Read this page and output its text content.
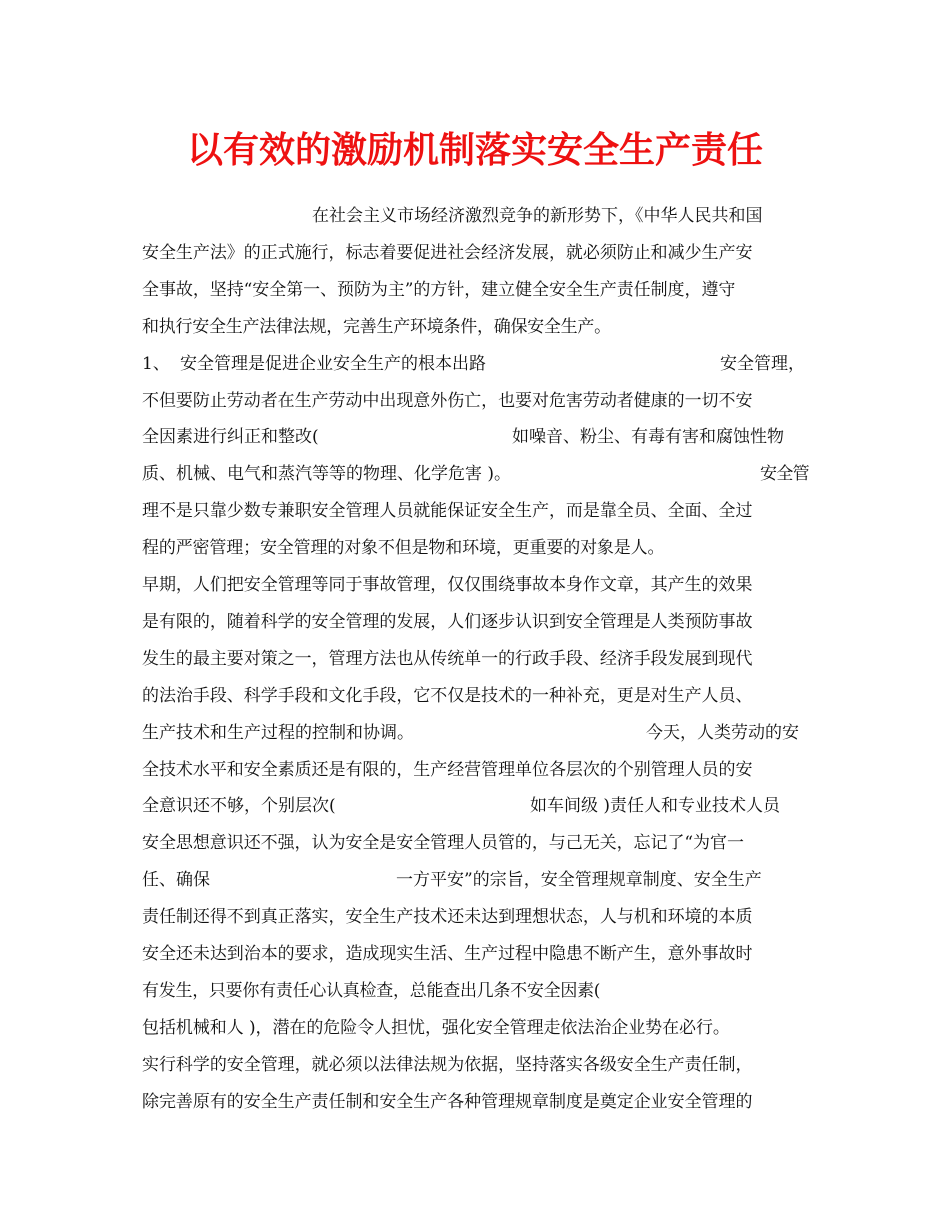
以有效的激励机制落实安全生产责任
在社会主义市场经济激烈竞争的新形势下，《中华人民共和国
安全生产法》的正式施行，标志着要促进社会经济发展，就必须防止和减少生产安
全事故，坚持“安全第一、预防为主”的方针，建立健全安全生产责任制度，遵守
和执行安全生产法律法规，完善生产环境条件，确保安全生产。
1、 安全管理是促进企业安全生产的根本出路	安全管理，
不但要防止劳动者在生产劳动中出现意外伤亡，也要对危害劳动者健康的一切不安
全因素进行纠正和整改(	如噪音、粉尘、有毒有害和腐蚀性物
质、机械、电气和蒸汽等等的物理、化学危害 )。	安全管
理不是只靠少数专兼职安全管理人员就能保证安全生产，而是靠全员、全面、全过
程的严密管理；安全管理的对象不但是物和环境，更重要的对象是人。
早期，人们把安全管理等同于事故管理，仅仅围绕事故本身作文章，其产生的效果
是有限的，随着科学的安全管理的发展，人们逐步认识到安全管理是人类预防事故
发生的最主要对策之一，管理方法也从传统单一的行政手段、经济手段发展到现代
的法治手段、科学手段和文化手段，它不仅是技术的一种补充，更是对生产人员、
生产技术和生产过程的控制和协调。	今天，人类劳动的安
全技术水平和安全素质还是有限的，生产经营管理单位各层次的个别管理人员的安
全意识还不够，个别层次(	如车间级 )责任人和专业技术人员
安全思想意识还不强，认为安全是安全管理人员管的，与己无关，忘记了“为官一
任、确保	一方平安”的宗旨，安全管理规章制度、安全生产
责任制还得不到真正落实，安全生产技术还未达到理想状态，人与机和环境的本质
安全还未达到治本的要求，造成现实生活、生产过程中隐患不断产生，意外事故时
有发生，只要你有责任心认真检查，总能查出几条不安全因素(
包括机械和人 )，潜在的危险令人担忧，强化安全管理走依法治企业势在必行。
实行科学的安全管理，就必须以法律法规为依据，坚持落实各级安全生产责任制，
除完善原有的安全生产责任制和安全生产各种管理规章制度是奠定企业安全管理的
